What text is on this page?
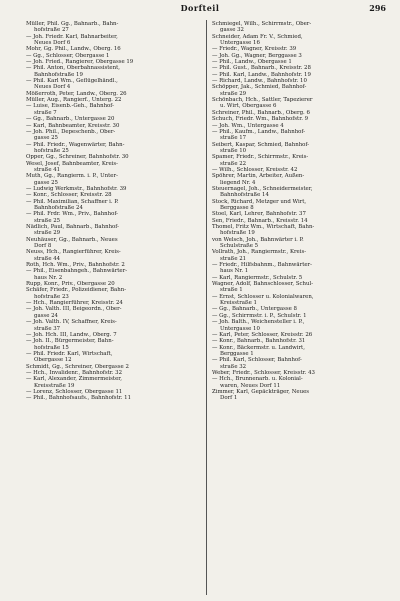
Dorfteil	296
Müller, Phil. Gg., Bahnarb., Bahn-
hofstraße 27
— Joh. Friedr. Karl, Bahnarbeiter,
Neues Dorf 6
Mohr, Gg. Phil., Landw., Oberg. 16
— Gg., Schlosser, Obergasse 1
— Joh. Fried., Rangierer, Obergasse 19
— Phil. Anton, Oberbahnassistent,
Bahnhofstraße 19
— Phil. Karl Wm., Geflügelhändl.,
Neues Dorf 4
Mößerroth, Peter, Landw., Oberg. 26
Müller, Aug., Rangierf., Unterg. 22
— Luise, Eisenb.-Geh., Bahnhof-
straße 7
— Gg., Bahnarb., Untergasse 20
— Karl, Bahnbeamter, Kreisstr. 30
— Joh. Phil., Depeschenb., Ober-
gasse 25
— Phil. Friedr., Wagenwärter, Bahn-
hofstraße 25
Opper, Gg., Schreiner, Bahnhofstr. 30
Wesel, Josef, Bahnbeamter, Kreis-
straße 41
Muth, Gg., Rangierm. i. P., Unter-
gasse 25
— Ludwig Werkmstr., Bahnhofstr. 39
— Konr., Schlosser, Kreisstr. 28
— Phil. Maximilian, Schaffner i. P.
Bahnhofstraße 24
— Phil. Frdr. Wm., Priv., Bahnhof-
straße 25
Nädlich, Paul, Bahnarb., Bahnhof-
straße 29
Neuhäuser, Gg., Bahnarb., Neues
Dorf 8
Neuss, Hch., Rangierführer, Kreis-
straße 44
Roth, Hch. Wm., Priv., Bahnhofstr. 2
— Phil., Eisenbahngeh., Bahnwärter-
haus Nr. 2
Rupp, Konr., Priv., Obergasse 20
Schäfer, Friedr., Polizeidiener, Bahn-
hofstraße 23
— Hch., Rangierführer, Kreisstr. 24
— Joh. Valth. III, Beigeordn., Ober-
gasse 24
— Joh. Valth. IV, Schaffner, Kreis-
straße 37
— Joh. Hch. III, Landw., Oberg. 7
— Joh. II., Bürgermeister, Bahn-
hofstraße 15
— Phil. Friedr. Karl, Wirtschaft,
Obergasse 12
Schmidt, Gg., Schreiner, Obergasse 2
— Hch., Invalidenr., Bahnhofstr. 32
— Karl, Alexander, Zimmermeister,
Kreisstraße 19
— Lorenz, Schlosser, Obergasse 11
— Phil., Bahnhofsaufs., Bahnhofstr. 11
Schmiegel, Wilh., Schirrmstr., Ober-
gasse 32
Schneider, Adam Fr. V., Schmied,
Untergasse 16
— Friedr., Wagner, Kreisstr. 39
— Joh. Gg., Wagner, Berggasse 3
— Phil., Landw., Obergasse 1
— Phil. Gust., Bahnarb., Kreisstr. 28
— Phil. Karl, Landw., Bahnhofstr. 19
— Richard, Landw., Bahnhofstr. 10
Schöpper, Jak., Schmied, Bahnhof-
straße 29
Schönbach, Hch., Sattler, Tapezierer
u. Wirt, Obergasse 6
Schreiner, Phil., Bahnarb., Oberg. 6
Schuch, Friedr. Wm., Bahnhofstr. 9
— Joh. Wm., Untergasse 4
— Phil., Kaufm., Landw., Bahnhof-
straße 17
Seibert, Kaspar, Schmied, Bahnhof-
straße 10
Spamer, Friedr., Schirrmstr., Kreis-
straße 22
— Wilh., Schlosser, Kreisstr. 42
Spöhrer, Martin, Arbeiter, Außen-
liegend Nr. 4
Steuernagel, Joh., Schneidermeister,
Bahnhofstraße 14
Stock, Richard, Metzger und Wirt,
Berggasse 8
Stoel, Karl, Lehrer, Bahnhofstr. 37
Sen, Friedr., Bahnarb., Kreisstr. 14
Thomel, Fritz Wm., Wirtschaft, Bahn-
hofstraße 19
von Welsch, Joh., Bahnwärter i. P.
Schulstraße 5
Vollrath, Joh., Rangiermstr., Kreis-
straße 21
— Friedr., Hilfsbahnm., Bahnwärter-
haus Nr. 1
— Karl, Rangiermstr., Schulstr. 5
Wagner, Adolf, Bahnschlosser, Schul-
straße 1
— Ernst, Schlosser u. Kolonialwaren,
Kreisstraße 1
— Gg., Bahnarb., Untergasse 8
— Gg., Schirrmstr. i. P., Schulstr. 1
— Joh. Balth., Weichensteller i. P.,
Untergasse 10
— Karl, Peter, Schlosser, Kreisstr. 26
— Konr., Bahnarb., Bahnhofstr. 31
— Konr., Bäckermstr. u. Landwirt,
Berggasse 1
— Phil. Karl, Schlosser, Bahnhof-
straße 32
Weber, Friedr., Schlosser, Kreisstr. 43
— Hch., Brunnenarb. u. Kolonial-
waren, Neues Dorf 11
Zimmer, Karl, Gepäckträger, Neues
Dorf 1
